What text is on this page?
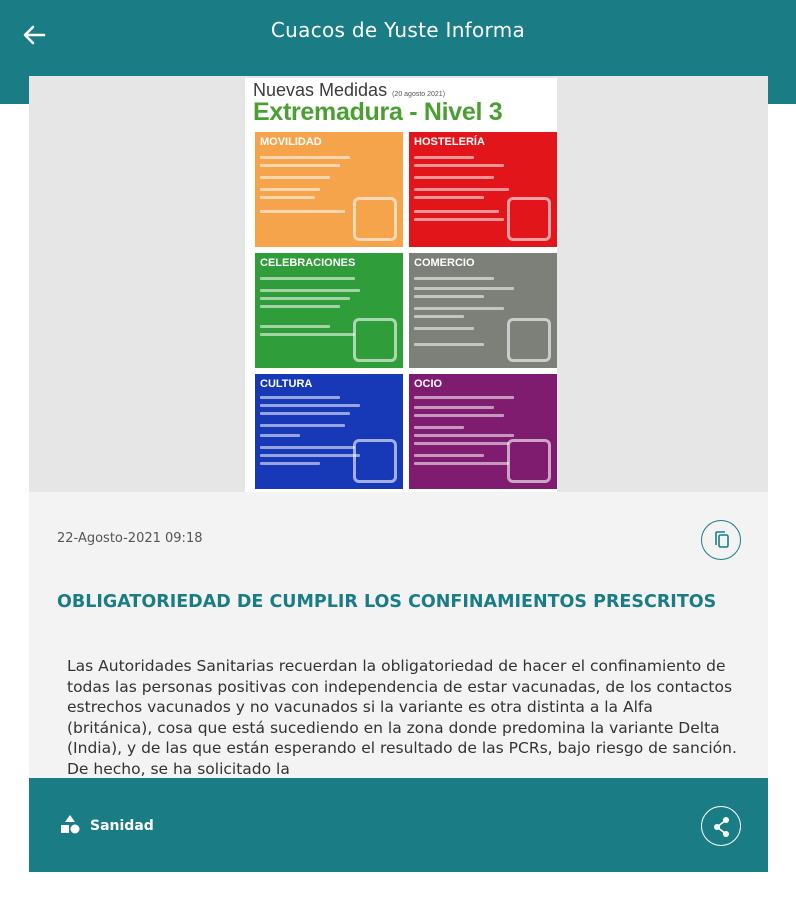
Cuacos de Yuste Informa
Nuevas Medidas (20 agosto 2021)
Extremadura - Nivel 3
MOVILIDAD	HOSTELERÍA
CELEBRACIONES	COMERCIO
CULTURA	OCIO
22-Agosto-2021 09:18
OBLIGATORIEDAD DE CUMPLIR LOS CONFINAMIENTOS PRESCRITOS
Las Autoridades Sanitarias recuerdan la obligatoriedad de hacer el confinamiento de todas las personas positivas con independencia de estar vacunadas, de los contactos estrechos vacunados y no vacunados si la variante es otra distinta a la Alfa (británica), cosa que está sucediendo en la zona donde predomina la variante Delta (India), y de las que están esperando el resultado de las PCRs, bajo riesgo de sanción. De hecho, se ha solicitado la
Sanidad
